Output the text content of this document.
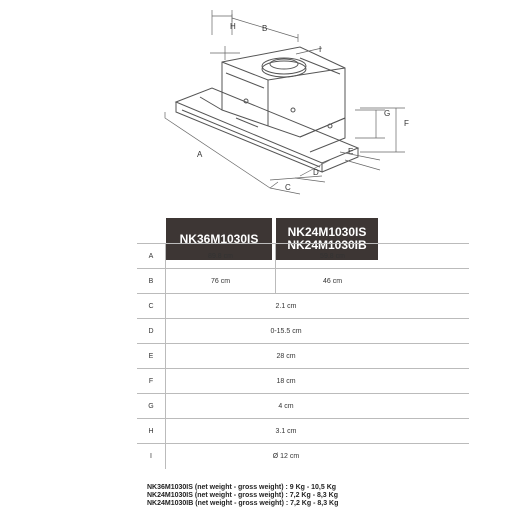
A
B
C
D
E
F
G
H
I
NK36M1030IS	NK24M1030IS
NK24M1030IB
A	89.8 cm	59.8 cm
B	76 cm	46 cm
C	2.1 cm
D	0-15.5 cm
E	28 cm
F	18 cm
G	4 cm
H	3.1 cm
I	Ø 12 cm
NK36M1030IS (net weight - gross weight) : 9 Kg - 10,5 Kg
NK24M1030IS (net weight - gross weight) : 7,2 Kg - 8,3 Kg
NK24M1030IB (net weight - gross weight) : 7,2 Kg - 8,3 Kg
